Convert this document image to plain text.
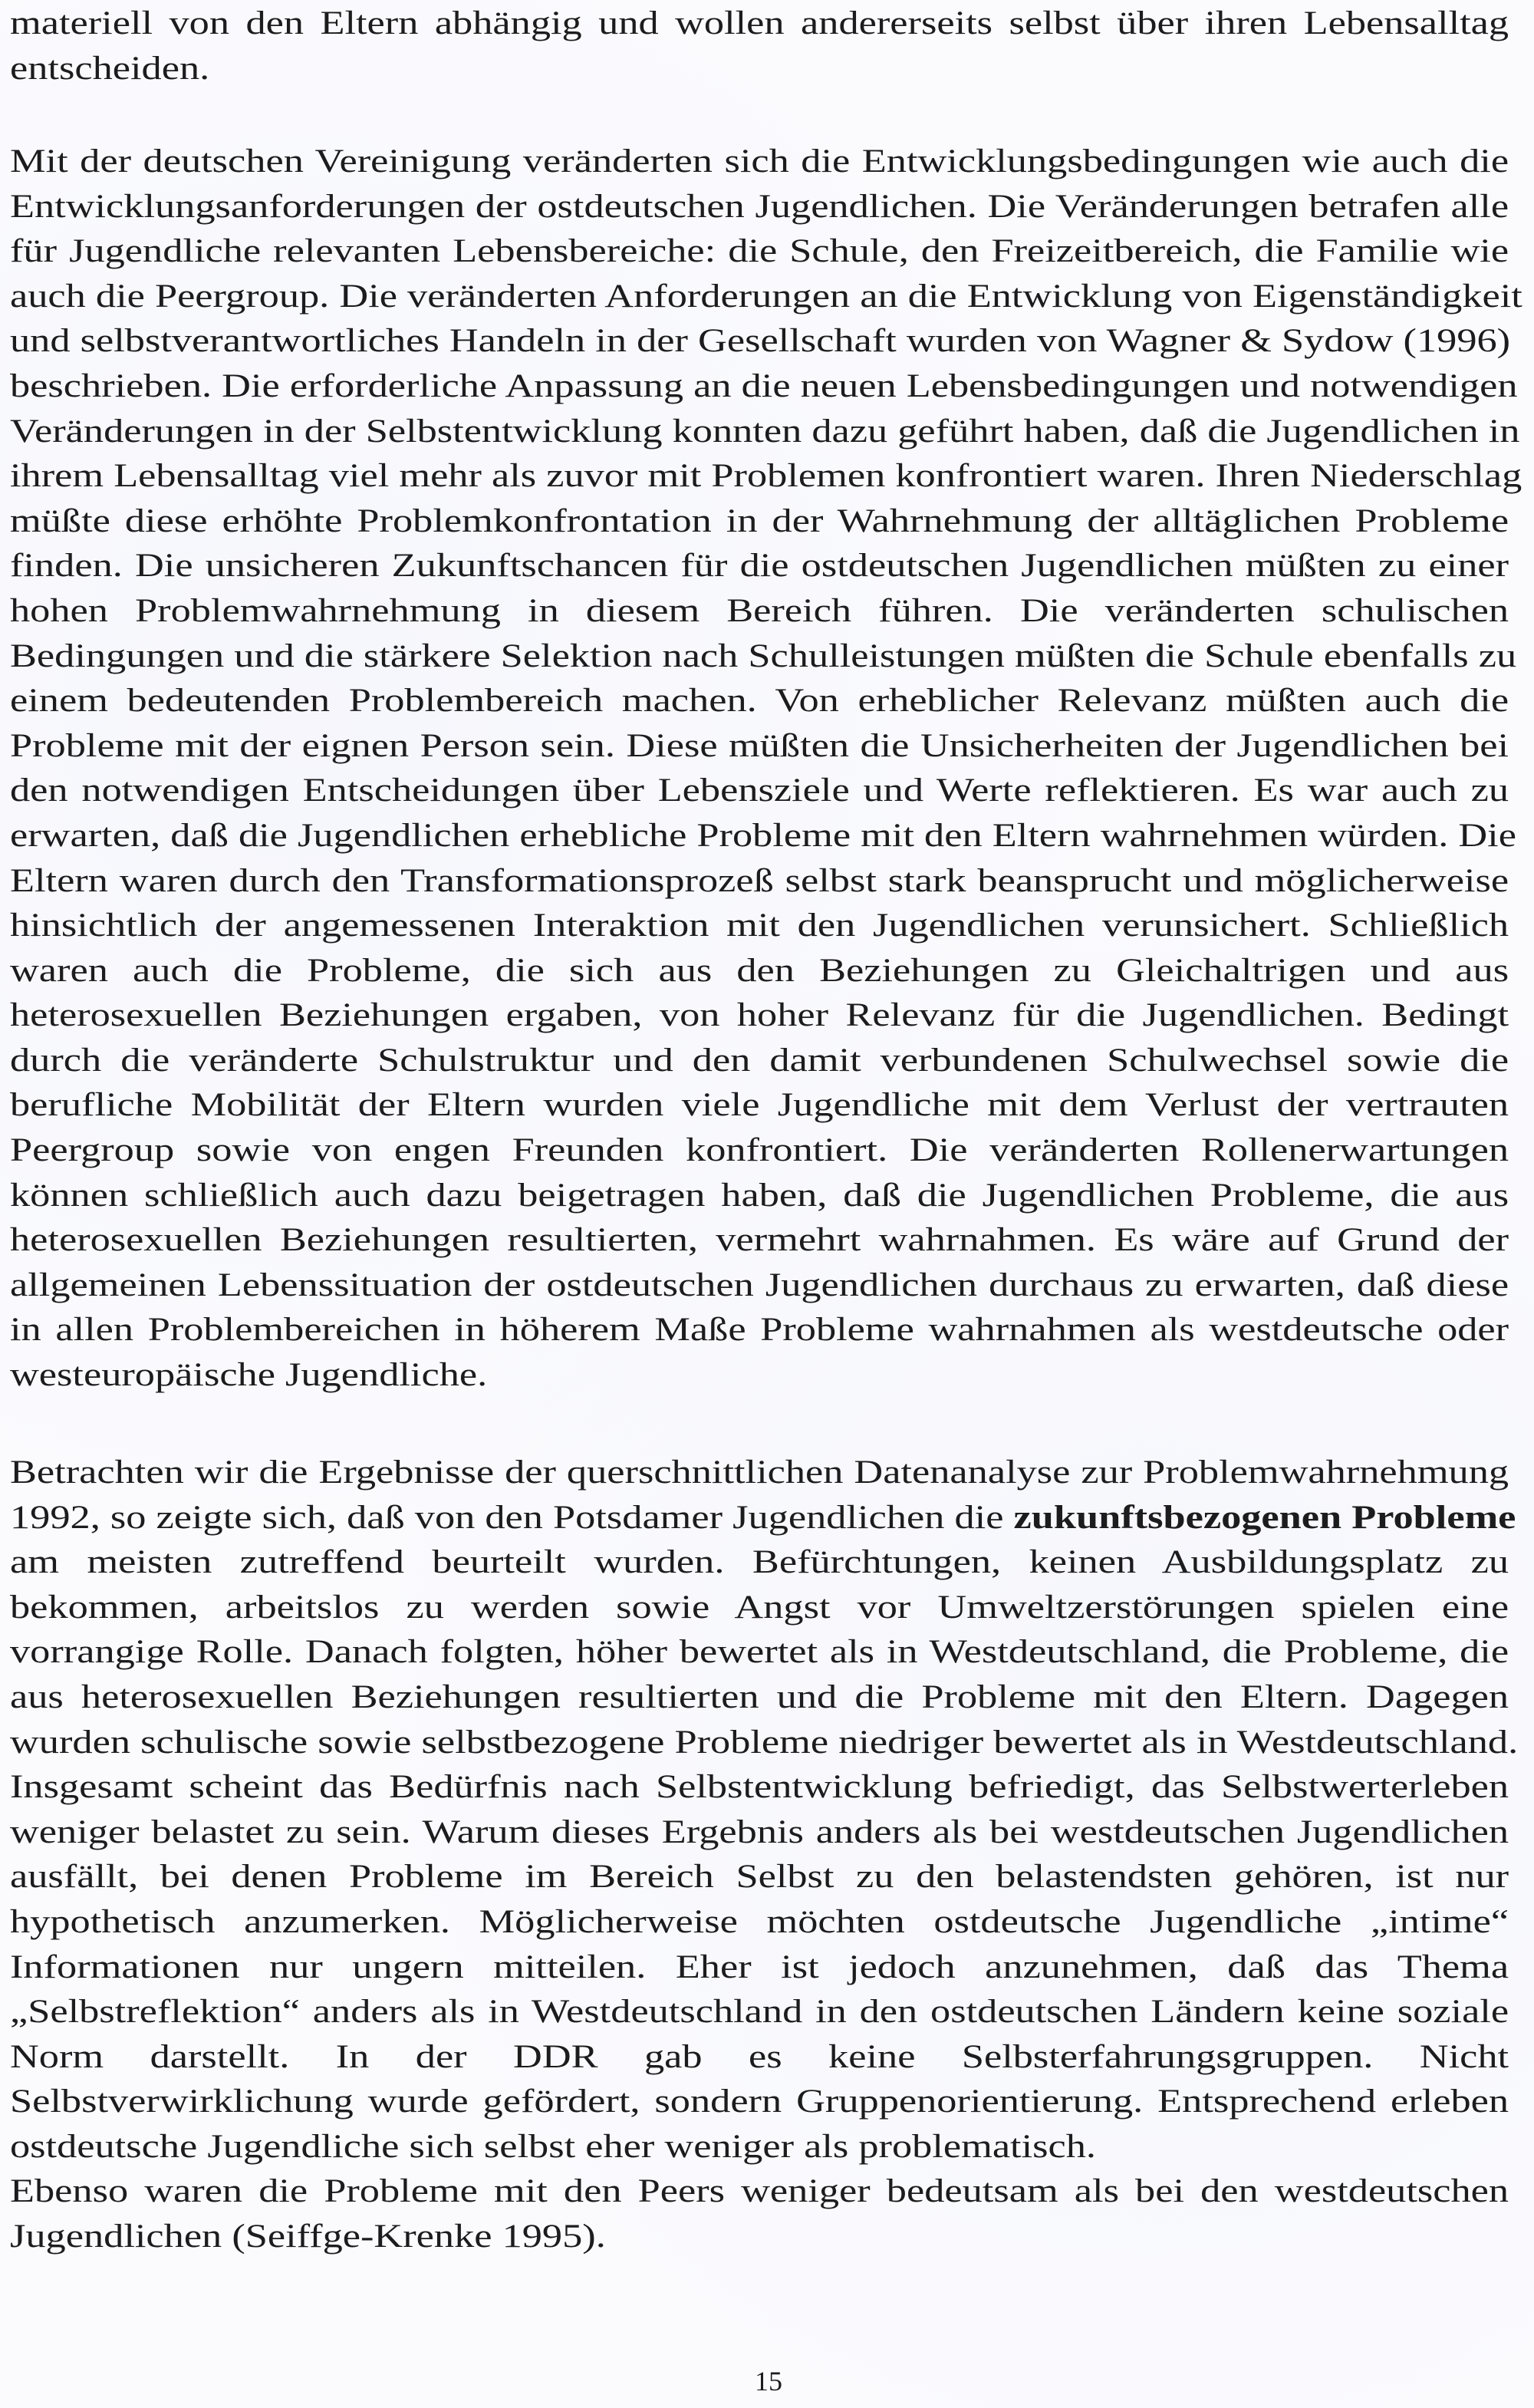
materiell von den Eltern abhängig und wollen andererseits selbst über ihren Lebensalltag
entscheiden.
Mit der deutschen Vereinigung veränderten sich die Entwicklungsbedingungen wie auch die
Entwicklungsanforderungen der ostdeutschen Jugendlichen. Die Veränderungen betrafen alle
für Jugendliche relevanten Lebensbereiche: die Schule, den Freizeitbereich, die Familie wie
auch die Peergroup. Die veränderten Anforderungen an die Entwicklung von Eigenständigkeit
und selbstverantwortliches Handeln in der Gesellschaft wurden von Wagner & Sydow (1996)
beschrieben. Die erforderliche Anpassung an die neuen Lebensbedingungen und notwendigen
Veränderungen in der Selbstentwicklung konnten dazu geführt haben, daß die Jugendlichen in
ihrem Lebensalltag viel mehr als zuvor mit Problemen konfrontiert waren. Ihren Niederschlag
müßte diese erhöhte Problemkonfrontation in der Wahrnehmung der alltäglichen Probleme
finden. Die unsicheren Zukunftschancen für die ostdeutschen Jugendlichen müßten zu einer
hohen Problemwahrnehmung in diesem Bereich führen. Die veränderten schulischen
Bedingungen und die stärkere Selektion nach Schulleistungen müßten die Schule ebenfalls zu
einem bedeutenden Problembereich machen. Von erheblicher Relevanz müßten auch die
Probleme mit der eignen Person sein. Diese müßten die Unsicherheiten der Jugendlichen bei
den notwendigen Entscheidungen über Lebensziele und Werte reflektieren. Es war auch zu
erwarten, daß die Jugendlichen erhebliche Probleme mit den Eltern wahrnehmen würden. Die
Eltern waren durch den Transformationsprozeß selbst stark beansprucht und möglicherweise
hinsichtlich der angemessenen Interaktion mit den Jugendlichen verunsichert. Schließlich
waren auch die Probleme, die sich aus den Beziehungen zu Gleichaltrigen und aus
heterosexuellen Beziehungen ergaben, von hoher Relevanz für die Jugendlichen. Bedingt
durch die veränderte Schulstruktur und den damit verbundenen Schulwechsel sowie die
berufliche Mobilität der Eltern wurden viele Jugendliche mit dem Verlust der vertrauten
Peergroup sowie von engen Freunden konfrontiert. Die veränderten Rollenerwartungen
können schließlich auch dazu beigetragen haben, daß die Jugendlichen Probleme, die aus
heterosexuellen Beziehungen resultierten, vermehrt wahrnahmen. Es wäre auf Grund der
allgemeinen Lebenssituation der ostdeutschen Jugendlichen durchaus zu erwarten, daß diese
in allen Problembereichen in höherem Maße Probleme wahrnahmen als westdeutsche oder
westeuropäische Jugendliche.
Betrachten wir die Ergebnisse der querschnittlichen Datenanalyse zur Problemwahrnehmung
1992, so zeigte sich, daß von den Potsdamer Jugendlichen die zukunftsbezogenen Probleme
am meisten zutreffend beurteilt wurden. Befürchtungen, keinen Ausbildungsplatz zu
bekommen, arbeitslos zu werden sowie Angst vor Umweltzerstörungen spielen eine
vorrangige Rolle. Danach folgten, höher bewertet als in Westdeutschland, die Probleme, die
aus heterosexuellen Beziehungen resultierten und die Probleme mit den Eltern. Dagegen
wurden schulische sowie selbstbezogene Probleme niedriger bewertet als in Westdeutschland.
Insgesamt scheint das Bedürfnis nach Selbstentwicklung befriedigt, das Selbstwerterleben
weniger belastet zu sein. Warum dieses Ergebnis anders als bei westdeutschen Jugendlichen
ausfällt, bei denen Probleme im Bereich Selbst zu den belastendsten gehören, ist nur
hypothetisch anzumerken. Möglicherweise möchten ostdeutsche Jugendliche „intime“
Informationen nur ungern mitteilen. Eher ist jedoch anzunehmen, daß das Thema
„Selbstreflektion“ anders als in Westdeutschland in den ostdeutschen Ländern keine soziale
Norm darstellt. In der DDR gab es keine Selbsterfahrungsgruppen. Nicht
Selbstverwirklichung wurde gefördert, sondern Gruppenorientierung. Entsprechend erleben
ostdeutsche Jugendliche sich selbst eher weniger als problematisch.
Ebenso waren die Probleme mit den Peers weniger bedeutsam als bei den westdeutschen
Jugendlichen (Seiffge-Krenke 1995).
15
